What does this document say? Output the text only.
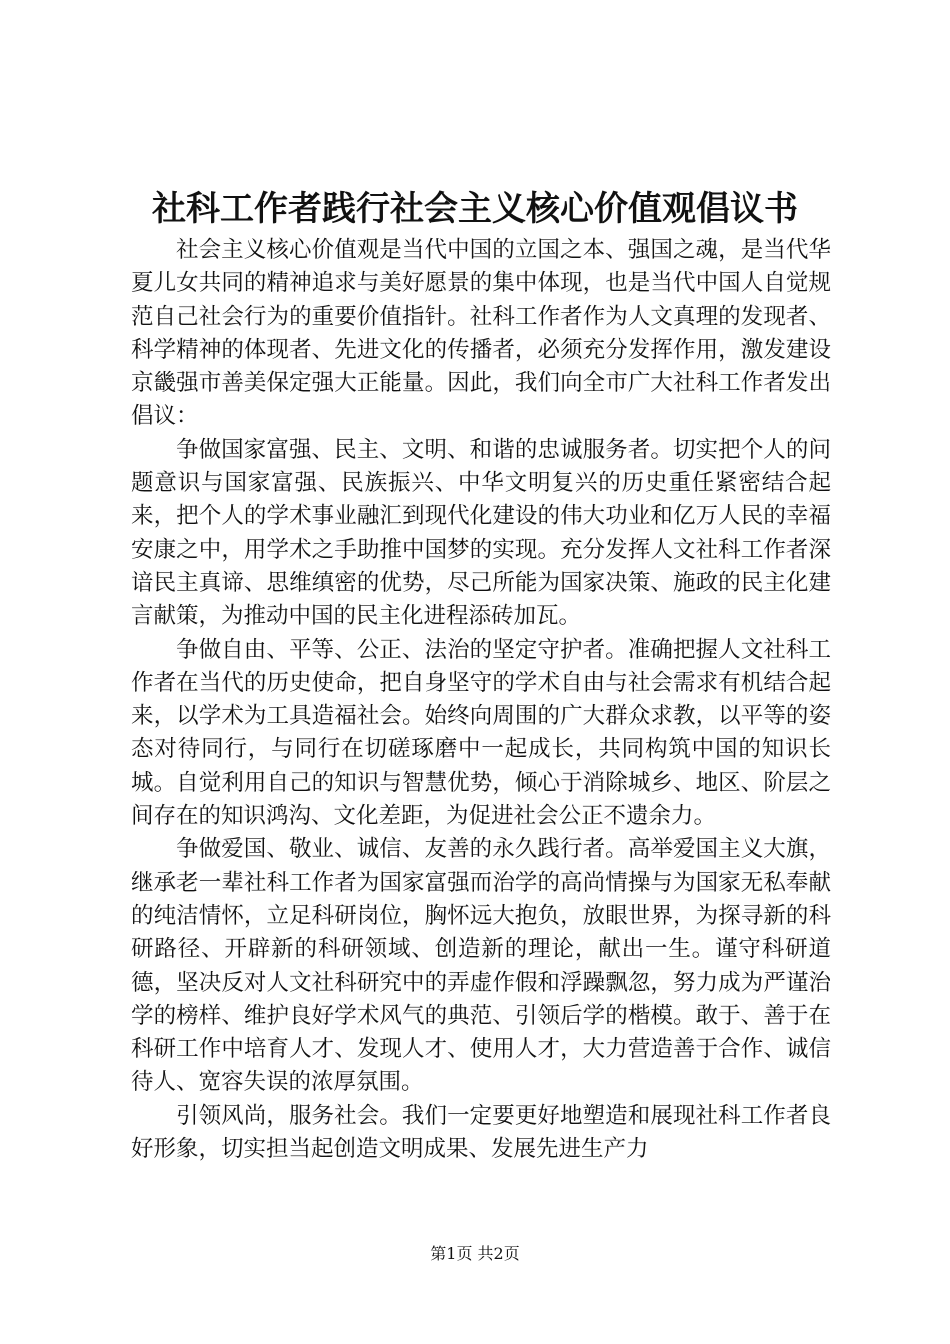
社科工作者践行社会主义核心价值观倡议书

社会主义核心价值观是当代中国的立国之本、强国之魂，是当代华夏儿女共同的精神追求与美好愿景的集中体现，也是当代中国人自觉规范自己社会行为的重要价值指针。社科工作者作为人文真理的发现者、科学精神的体现者、先进文化的传播者，必须充分发挥作用，激发建设京畿强市善美保定强大正能量。因此，我们向全市广大社科工作者发出倡议：

争做国家富强、民主、文明、和谐的忠诚服务者。切实把个人的问题意识与国家富强、民族振兴、中华文明复兴的历史重任紧密结合起来，把个人的学术事业融汇到现代化建设的伟大功业和亿万人民的幸福安康之中，用学术之手助推中国梦的实现。充分发挥人文社科工作者深谙民主真谛、思维缜密的优势，尽己所能为国家决策、施政的民主化建言献策，为推动中国的民主化进程添砖加瓦。

争做自由、平等、公正、法治的坚定守护者。准确把握人文社科工作者在当代的历史使命，把自身坚守的学术自由与社会需求有机结合起来，以学术为工具造福社会。始终向周围的广大群众求教，以平等的姿态对待同行，与同行在切磋琢磨中一起成长，共同构筑中国的知识长城。自觉利用自己的知识与智慧优势，倾心于消除城乡、地区、阶层之间存在的知识鸿沟、文化差距，为促进社会公正不遗余力。

争做爱国、敬业、诚信、友善的永久践行者。高举爱国主义大旗，继承老一辈社科工作者为国家富强而治学的高尚情操与为国家无私奉献的纯洁情怀，立足科研岗位，胸怀远大抱负，放眼世界，为探寻新的科研路径、开辟新的科研领域、创造新的理论，献出一生。谨守科研道德，坚决反对人文社科研究中的弄虚作假和浮躁飘忽，努力成为严谨治学的榜样、维护良好学术风气的典范、引领后学的楷模。敢于、善于在科研工作中培育人才、发现人才、使用人才，大力营造善于合作、诚信待人、宽容失误的浓厚氛围。

引领风尚，服务社会。我们一定要更好地塑造和展现社科工作者良好形象，切实担当起创造文明成果、发展先进生产力

第1页 共2页
